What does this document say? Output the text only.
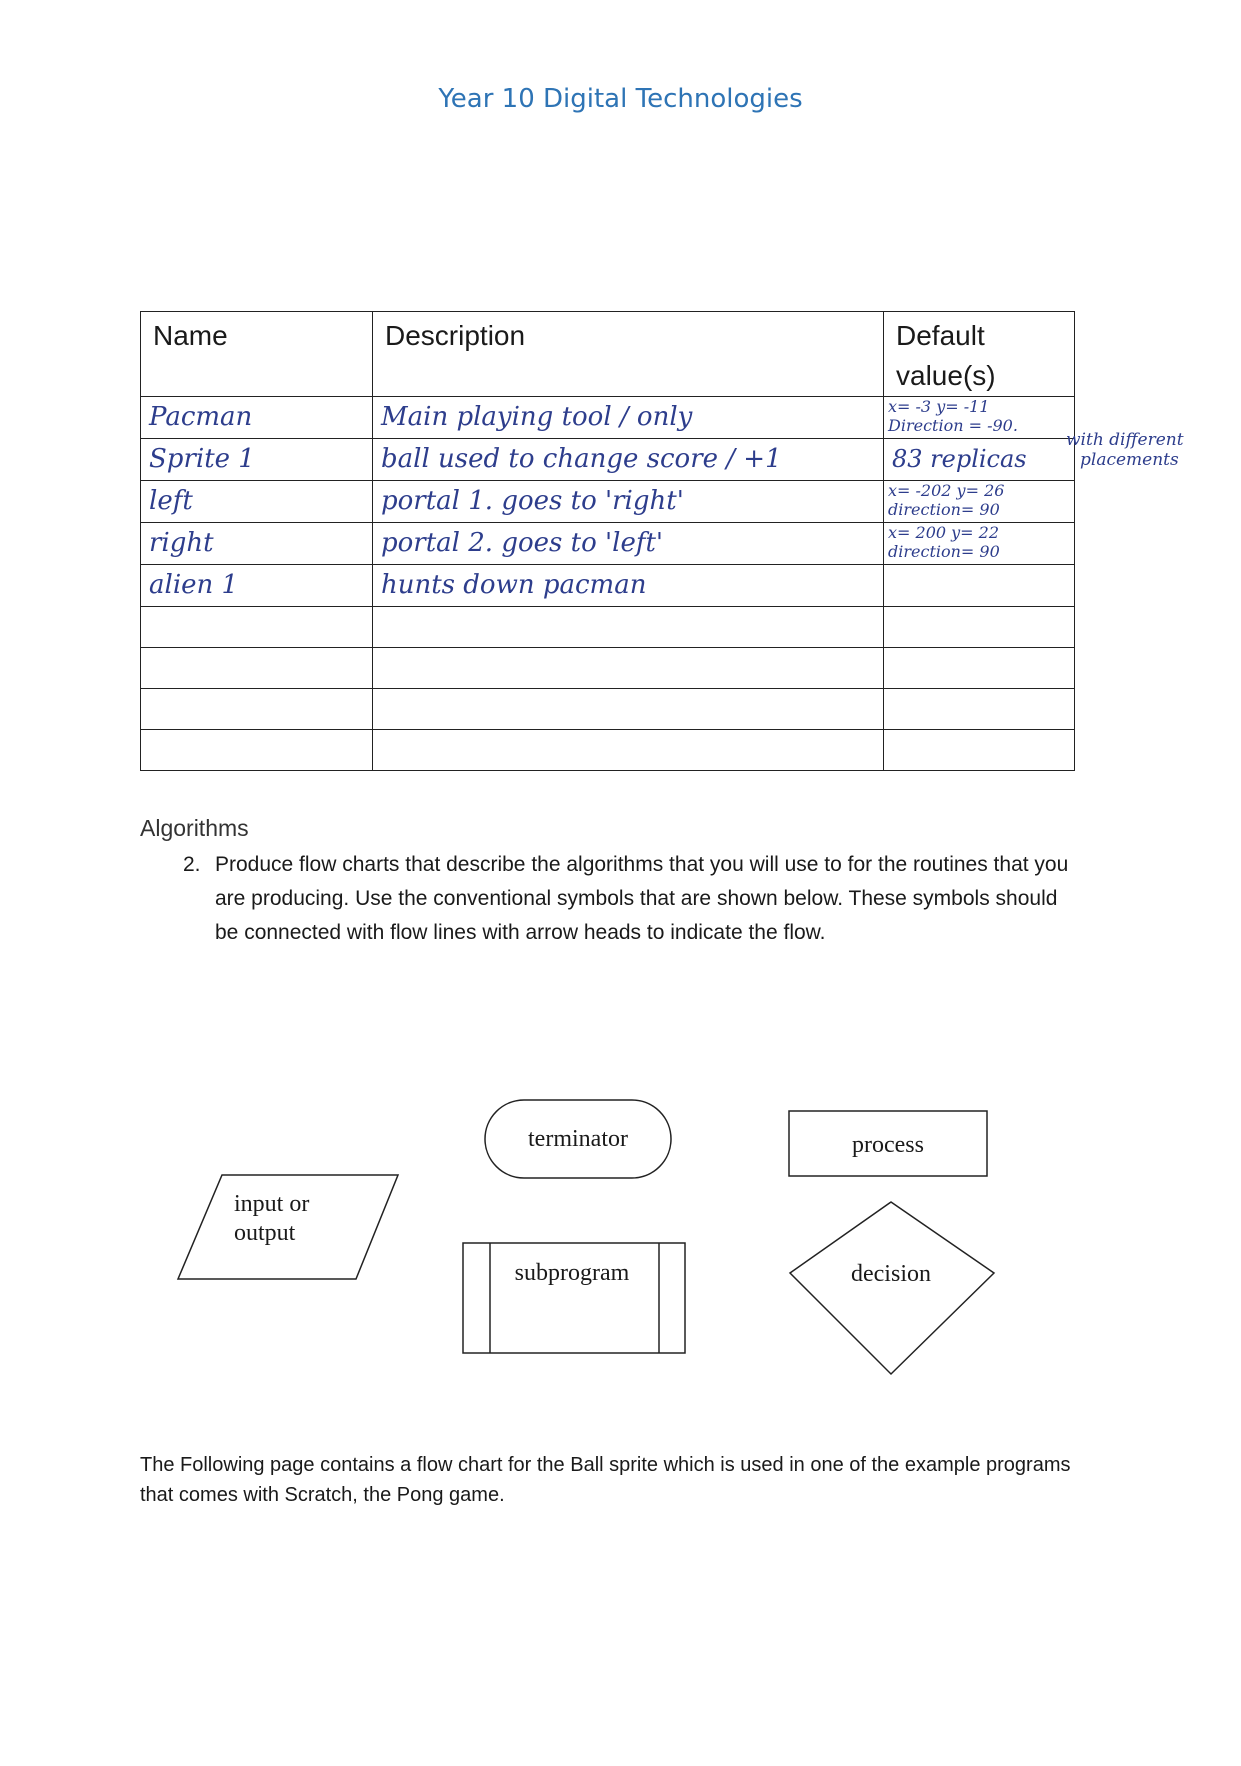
Year 10 Digital Technologies
Name	Description	Default value(s)

Pacman	Main playing tool / only	x= -3 y= -11
Direction = -90.

Sprite 1	ball used to change score / +1	83 replicas

left	portal 1. goes to 'right'	x= -202 y= 26
direction= 90

right	portal 2. goes to 'left'	x= 200 y= 22
direction= 90

alien 1	hunts down pacman	

with different
placements
Algorithms
2. Produce flow charts that describe the algorithms that you will use to for the routines that you are producing. Use the conventional symbols that are shown below. These symbols should be connected with flow lines with arrow heads to indicate the flow.
terminator	process
input or
output
subprogram	decision
The Following page contains a flow chart for the Ball sprite which is used in one of the example programs that comes with Scratch, the Pong game.
